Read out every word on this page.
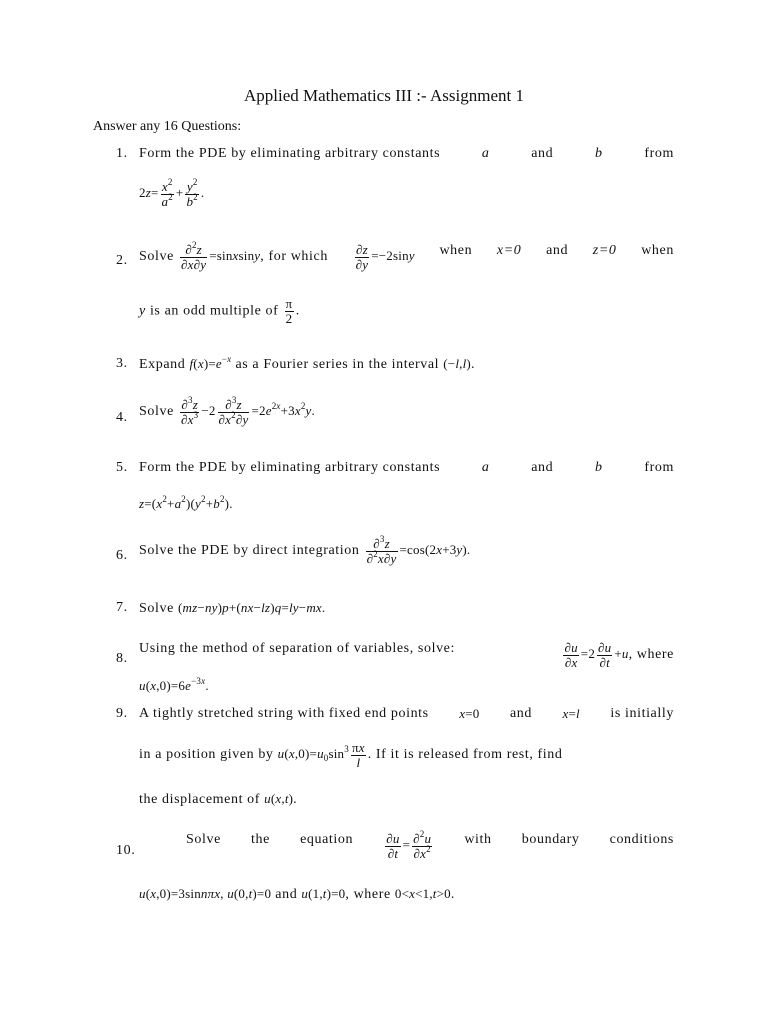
Applied Mathematics III :- Assignment 1
Answer any 16 Questions:
1. Form the PDE by eliminating arbitrary constants	a	and	b	from
$2z= \frac{x^2}{a^2} + \frac{y^2}{b^2}$ .
2. Solve $\frac{\partial^2z}{\partial x\partial y}$ =sinxsiny, for which $\frac{\partial z}{\partial y} =-2\sin y$ when x=0 and z=0 when
y is an odd multiple of $\frac{\pi}{2}$ .
3. Expand $f(x)=e^{-x}$ as a Fourier series in the interval (−l,l).
4. Solve $\frac{\partial^3z}{\partial x^3} -2 \frac{\partial^3z}{\partial x^2\partial y} =2e^{2x}+3x^2y$.
5. Form the PDE by eliminating arbitrary constants	a	and	b	from
$z=(x^2+a^2)(y^2+b^2)$.
6. Solve the PDE by direct integration $\frac{\partial^3z}{\partial^2x\partial y} =\cos(2x+3y)$.
7. Solve (mz−ny)p+(nx−lz)q=ly−mx.
8.
Using the method of separation of variables, solve:	$\frac{\partial u}{\partial x} =2 \frac{\partial u}{\partial t} +u$, where
$u(x,0)=6e^{-3x}$.
9. A tightly stretched string with fixed end points x=0 and x=l is initially
in a position given by $u(x,0)=u_0\sin^3 \frac{\pi x}{l}$ . If it is released from rest, find
the displacement of u(x,t).
10.
Solve the equation $\frac{\partial u}{\partial t} = \frac{\partial^2u}{\partial x^2}$ with boundary conditions
u(x,0)=3sinnπx, u(0,t)=0 and u(1,t)=0, where 0<x<1,t>0.
